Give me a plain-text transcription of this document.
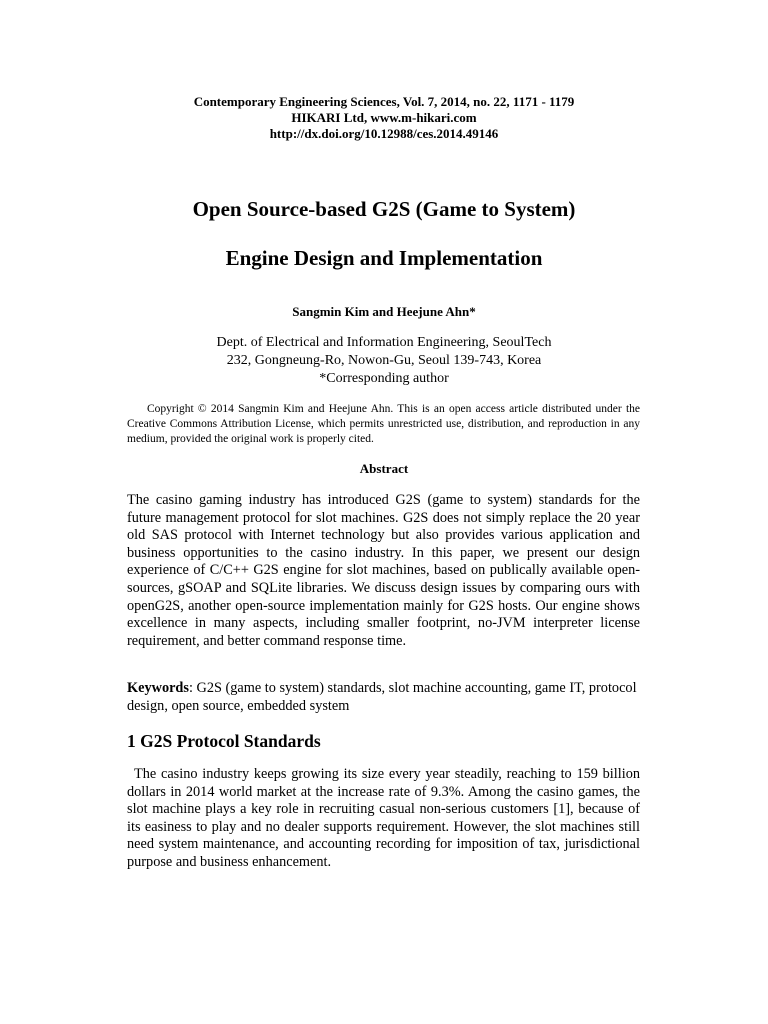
Contemporary Engineering Sciences, Vol. 7, 2014, no. 22, 1171 - 1179
HIKARI Ltd, www.m-hikari.com
http://dx.doi.org/10.12988/ces.2014.49146
Open Source-based G2S (Game to System)
Engine Design and Implementation
Sangmin Kim and Heejune Ahn*
Dept. of Electrical and Information Engineering, SeoulTech
232, Gongneung-Ro, Nowon-Gu, Seoul 139-743, Korea
*Corresponding author
Copyright © 2014 Sangmin Kim and Heejune Ahn. This is an open access article distributed under the Creative Commons Attribution License, which permits unrestricted use, distribution, and reproduction in any medium, provided the original work is properly cited.
Abstract
The casino gaming industry has introduced G2S (game to system) standards for the future management protocol for slot machines. G2S does not simply replace the 20 year old SAS protocol with Internet technology but also provides various application and business opportunities to the casino industry. In this paper, we present our design experience of C/C++ G2S engine for slot machines, based on publically available open-sources, gSOAP and SQLite libraries. We discuss design issues by comparing ours with openG2S, another open-source implementation mainly for G2S hosts. Our engine shows excellence in many aspects, including smaller footprint, no-JVM interpreter license requirement, and better command response time.
Keywords: G2S (game to system) standards, slot machine accounting, game IT, protocol design, open source, embedded system
1 G2S Protocol Standards
The casino industry keeps growing its size every year steadily, reaching to 159 billion dollars in 2014 world market at the increase rate of 9.3%. Among the casino games, the slot machine plays a key role in recruiting casual non-serious customers [1], because of its easiness to play and no dealer supports requirement. However, the slot machines still need system maintenance, and accounting recording for imposition of tax, jurisdictional purpose and business enhancement.
